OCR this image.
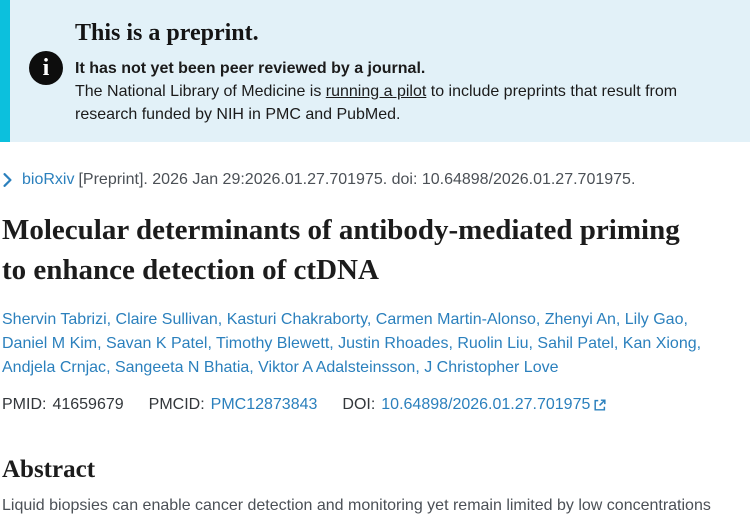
This is a preprint.
i	It has not yet been peer reviewed by a journal.

The National Library of Medicine is running a pilot to include preprints that result from research funded by NIH in PMC and PubMed.

bioRxiv [Preprint]. 2026 Jan 29:2026.01.27.701975. doi: 10.64898/2026.01.27.701975.
Molecular determinants of antibody-mediated priming to enhance detection of ctDNA

Shervin Tabrizi, Claire Sullivan, Kasturi Chakraborty, Carmen Martin-Alonso, Zhenyi An, Lily Gao, Daniel M Kim, Savan K Patel, Timothy Blewett, Justin Rhoades, Ruolin Liu, Sahil Patel, Kan Xiong, Andjela Crnjac, Sangeeta N Bhatia, Viktor A Adalsteinsson, J Christopher Love

PMID: 41659679 PMCID: PMC12873843 DOI: 10.64898/2026.01.27.701975
Abstract

Liquid biopsies can enable cancer detection and monitoring yet remain limited by low concentrations
